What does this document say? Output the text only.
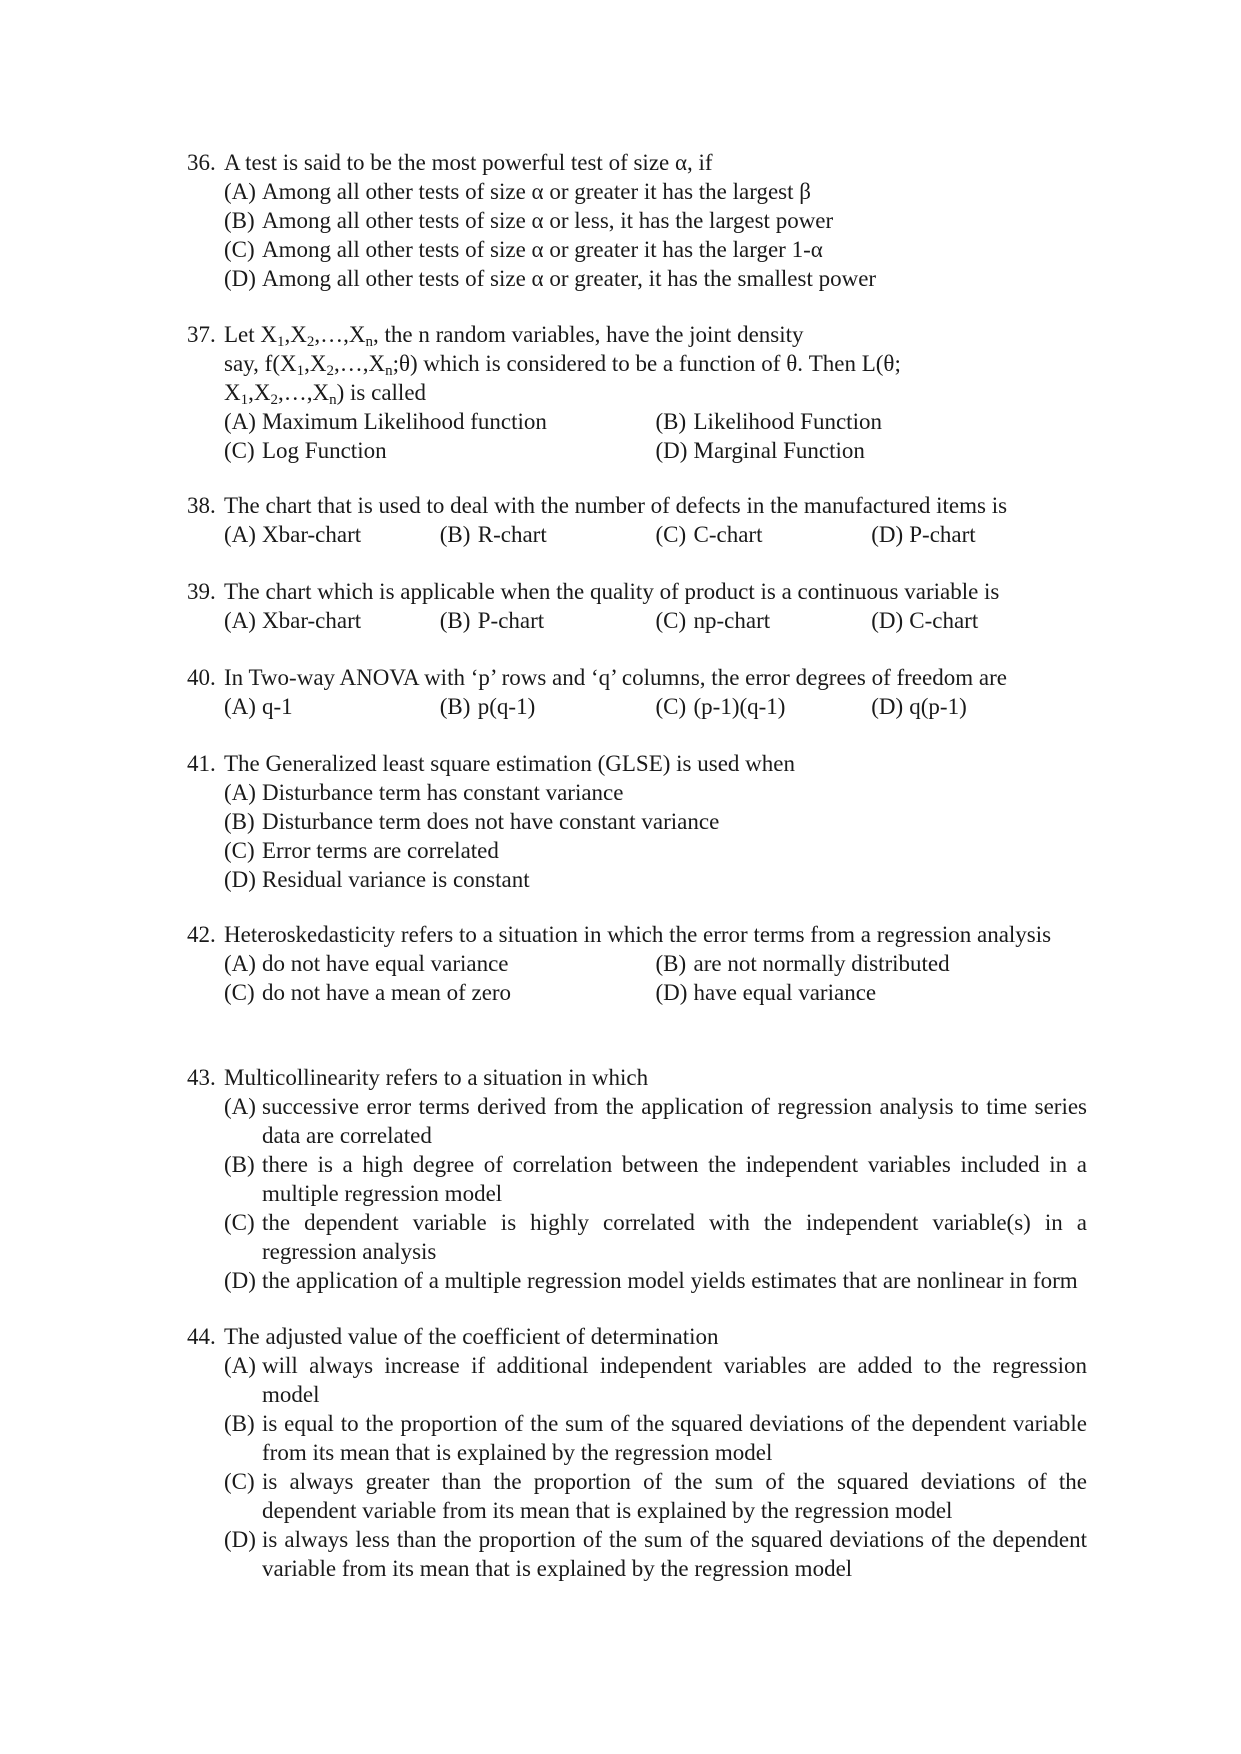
36. A test is said to be the most powerful test of size α, if
(A) Among all other tests of size α or greater it has the largest β
(B) Among all other tests of size α or less, it has the largest power
(C) Among all other tests of size α or greater it has the larger 1-α
(D) Among all other tests of size α or greater, it has the smallest power
37. Let $X_1,X_2,\dots,X_n$, the n random variables, have the joint density
say, $f(X_1,X_2,\dots,X_n;\theta)$ which is considered to be a function of θ. Then L(θ;
$X_1,X_2,\dots,X_n$) is called
(A) Maximum Likelihood function	(B) Likelihood Function
(C) Log Function	(D) Marginal Function
38. The chart that is used to deal with the number of defects in the manufactured items is
(A) Xbar-chart	(B) R-chart	(C) C-chart	(D) P-chart
39. The chart which is applicable when the quality of product is a continuous variable is
(A) Xbar-chart	(B) P-chart	(C) np-chart	(D) C-chart
40. In Two-way ANOVA with ‘p’ rows and ‘q’ columns, the error degrees of freedom are
(A) q-1	(B) p(q-1)	(C) (p-1)(q-1)	(D) q(p-1)
41. The Generalized least square estimation (GLSE) is used when
(A) Disturbance term has constant variance
(B) Disturbance term does not have constant variance
(C) Error terms are correlated
(D) Residual variance is constant
42. Heteroskedasticity refers to a situation in which the error terms from a regression analysis
(A) do not have equal variance	(B) are not normally distributed
(C) do not have a mean of zero	(D) have equal variance
43. Multicollinearity refers to a situation in which
(A) successive error terms derived from the application of regression analysis to time series data are correlated
(B) there is a high degree of correlation between the independent variables included in a multiple regression model
(C) the dependent variable is highly correlated with the independent variable(s) in a regression analysis
(D) the application of a multiple regression model yields estimates that are nonlinear in form
44. The adjusted value of the coefficient of determination
(A) will always increase if additional independent variables are added to the regression model
(B) is equal to the proportion of the sum of the squared deviations of the dependent variable from its mean that is explained by the regression model
(C) is always greater than the proportion of the sum of the squared deviations of the dependent variable from its mean that is explained by the regression model
(D) is always less than the proportion of the sum of the squared deviations of the dependent variable from its mean that is explained by the regression model
